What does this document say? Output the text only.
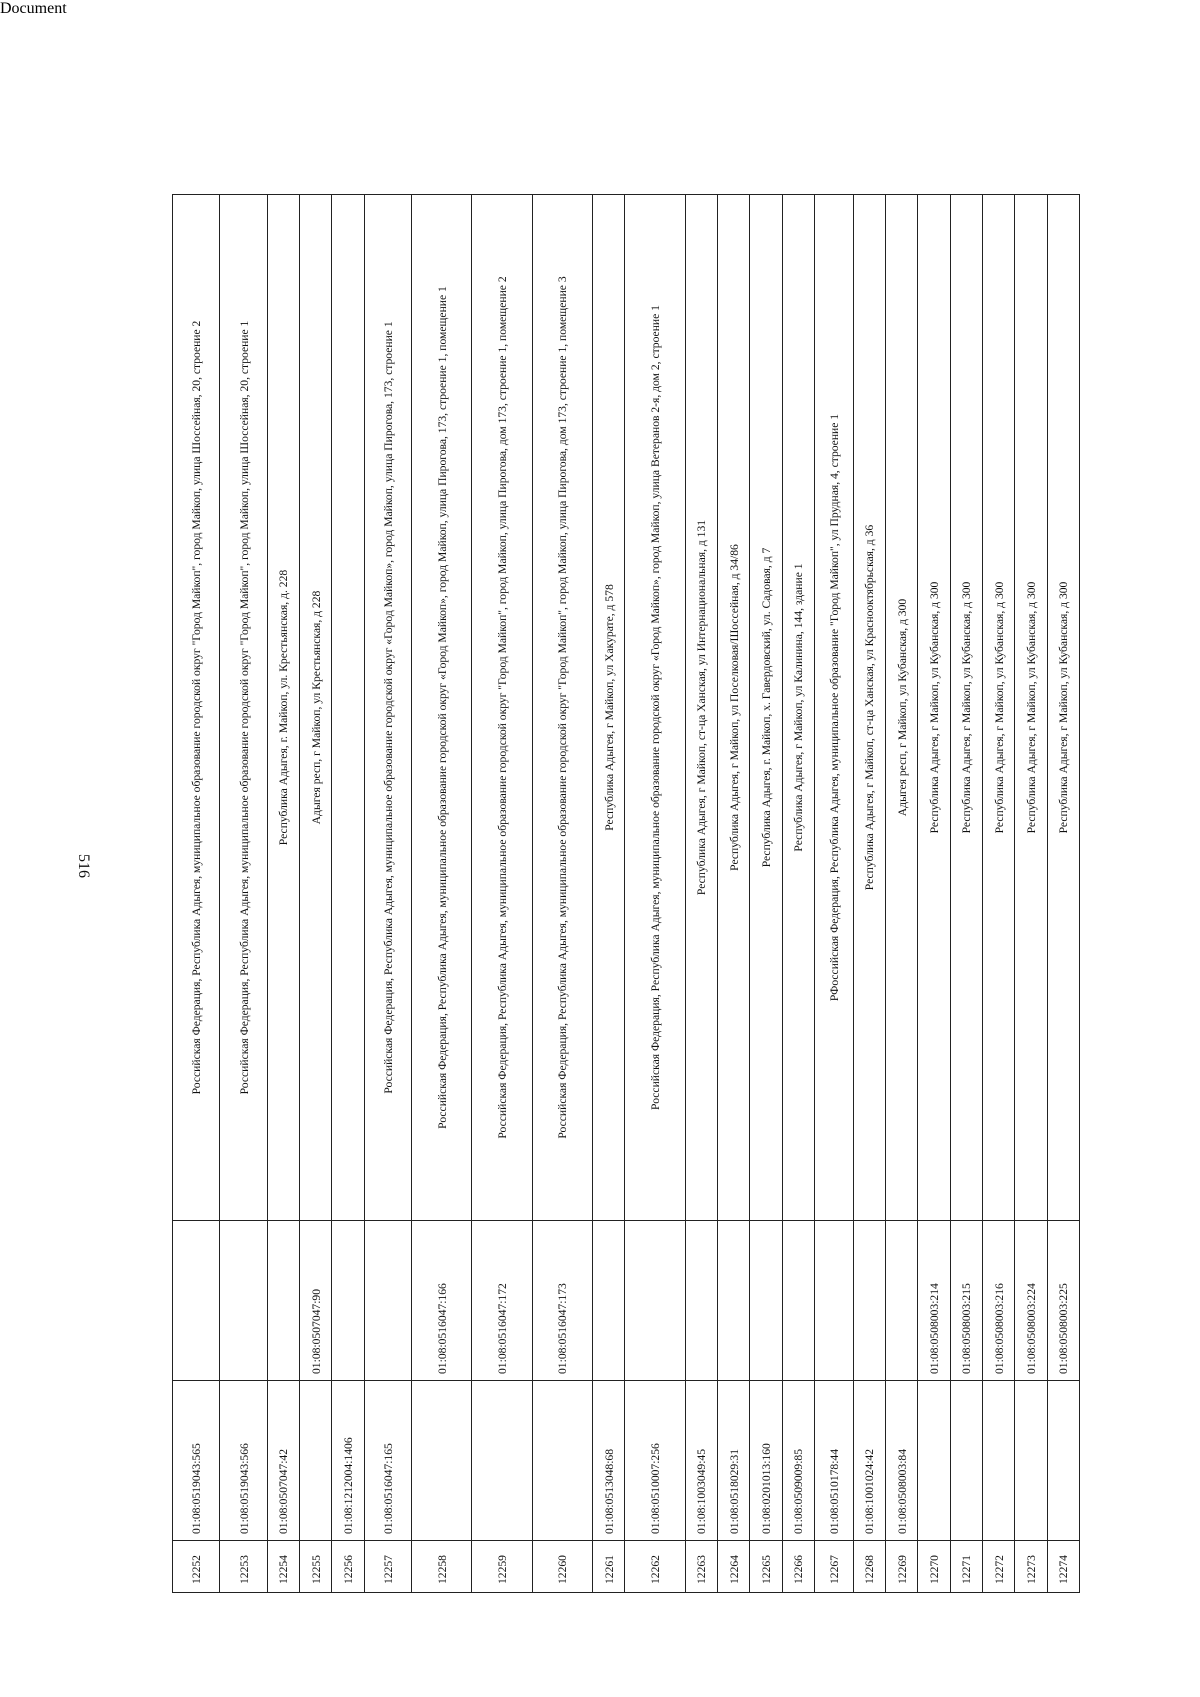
Document
516
12252	01:08:0519043:565		Российская Федерация, Республика Адыгея, муниципальное образование городской округ "Город Майкоп", город Майкоп, улица Шоссейная, 20, строение 2
12253	01:08:0519043:566		Российская Федерация, Республика Адыгея, муниципальное образование городской округ "Город Майкоп", город Майкоп, улица Шоссейная, 20, строение 1
12254	01:08:0507047:42		Республика Адыгея, г. Майкоп, ул. Крестьянская, д. 228
12255		01:08:0507047:90	Адыгея респ, г Майкоп, ул Крестьянская, д 228
12256	01:08:1212004:1406		
12257	01:08:0516047:165		Российская Федерация, Республика Адыгея, муниципальное образование городской округ «Город Майкоп», город Майкоп, улица Пирогова, 173, строение 1
12258		01:08:0516047:166	Российская Федерация, Республика Адыгея, муниципальное образование городской округ «Город Майкоп», город Майкоп, улица Пирогова, 173, строение 1, помещение 1
12259		01:08:0516047:172	Российская Федерация, Республика Адыгея, муниципальное образование городской округ "Город Майкоп", город Майкоп, улица Пирогова, дом 173, строение 1, помещение 2
12260		01:08:0516047:173	Российская Федерация, Республика Адыгея, муниципальное образование городской округ "Город Майкоп", город Майкоп, улица Пирогова, дом 173, строение 1, помещение 3
12261	01:08:0513048:68		Республика Адыгея, г Майкоп, ул Хакурате, д 578
12262	01:08:0510007:256		Российская Федерация, Республика Адыгея, муниципальное образование городской округ «Город Майкоп», город Майкоп, улица Ветеранов 2-я, дом 2, строение 1
12263	01:08:1003049:45		Республика Адыгея, г Майкоп, ст-ца Ханская, ул Интернациональная, д 131
12264	01:08:0518029:31		Республика Адыгея, г Майкоп, ул Поселковая/Шоссейная, д 34/86
12265	01:08:0201013:160		Республика Адыгея, г. Майкоп, х. Гавердовский, ул. Садовая, д 7
12266	01:08:0509009:85		Республика Адыгея, г Майкоп, ул Калинина, 144, здание 1
12267	01:08:0510178:44		РФоссийская Федерация, Республика Адыгея, муниципальное образование "Город Майкоп", ул Прудная, 4, строение 1
12268	01:08:1001024:42		Республика Адыгея, г Майкоп, ст-ца Ханская, ул Краснооктябрьская, д 36
12269	01:08:0508003:84		Адыгея респ, г Майкоп, ул Кубанская, д 300
12270		01:08:0508003:214	Республика Адыгея, г Майкоп, ул Кубанская, д 300
12271		01:08:0508003:215	Республика Адыгея, г Майкоп, ул Кубанская, д 300
12272		01:08:0508003:216	Республика Адыгея, г Майкоп, ул Кубанская, д 300
12273		01:08:0508003:224	Республика Адыгея, г Майкоп, ул Кубанская, д 300
12274		01:08:0508003:225	Республика Адыгея, г Майкоп, ул Кубанская, д 300
